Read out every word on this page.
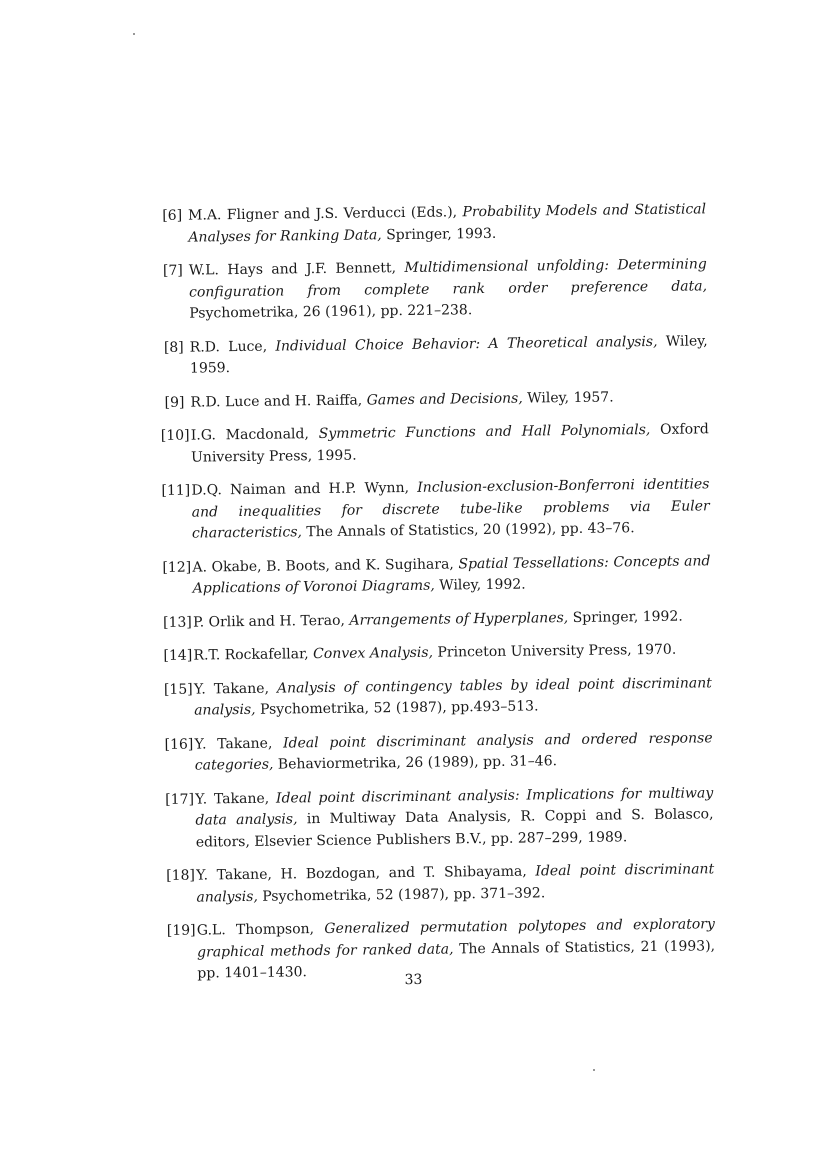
[6] M.A. Fligner and J.S. Verducci (Eds.), Probability Models and Statistical Analyses for Ranking Data, Springer, 1993.
[7] W.L. Hays and J.F. Bennett, Multidimensional unfolding: Determining configuration from complete rank order preference data, Psychometrika, 26 (1961), pp. 221–238.
[8] R.D. Luce, Individual Choice Behavior: A Theoretical analysis, Wiley, 1959.
[9] R.D. Luce and H. Raiffa, Games and Decisions, Wiley, 1957.
[10] I.G. Macdonald, Symmetric Functions and Hall Polynomials, Oxford University Press, 1995.
[11] D.Q. Naiman and H.P. Wynn, Inclusion-exclusion-Bonferroni identities and inequalities for discrete tube-like problems via Euler characteristics, The Annals of Statistics, 20 (1992), pp. 43–76.
[12] A. Okabe, B. Boots, and K. Sugihara, Spatial Tessellations: Concepts and Applications of Voronoi Diagrams, Wiley, 1992.
[13] P. Orlik and H. Terao, Arrangements of Hyperplanes, Springer, 1992.
[14] R.T. Rockafellar, Convex Analysis, Princeton University Press, 1970.
[15] Y. Takane, Analysis of contingency tables by ideal point discriminant analysis, Psychometrika, 52 (1987), pp.493–513.
[16] Y. Takane, Ideal point discriminant analysis and ordered response categories, Behaviormetrika, 26 (1989), pp. 31–46.
[17] Y. Takane, Ideal point discriminant analysis: Implications for multiway data analysis, in Multiway Data Analysis, R. Coppi and S. Bolasco, editors, Elsevier Science Publishers B.V., pp. 287–299, 1989.
[18] Y. Takane, H. Bozdogan, and T. Shibayama, Ideal point discriminant analysis, Psychometrika, 52 (1987), pp. 371–392.
[19] G.L. Thompson, Generalized permutation polytopes and exploratory graphical methods for ranked data, The Annals of Statistics, 21 (1993), pp. 1401–1430.	33
